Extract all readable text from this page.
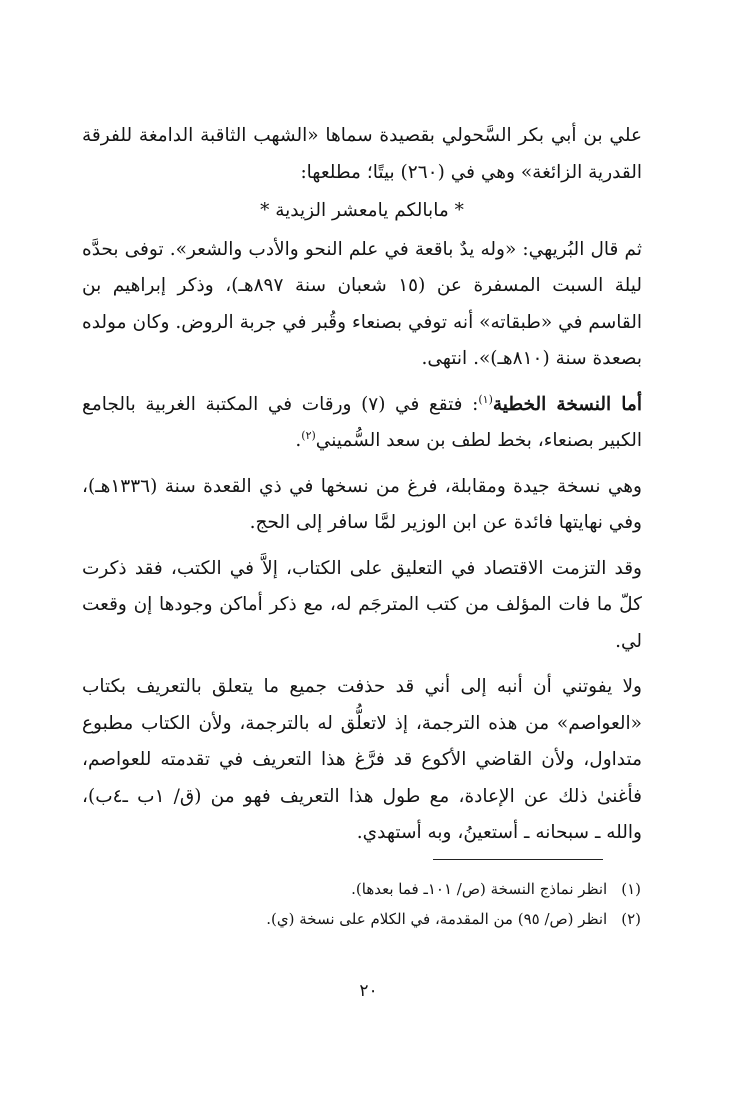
علي بن أبي بكر السَّحولي بقصيدة سماها «الشهب الثاقبة الدامغة للفرقة القدرية الزائغة» وهي في (٢٦٠) بيتًا؛ مطلعها:

* مابالكم يامعشر الزيدية *

ثم قال البُريهي: «وله يدٌ باقعة في علم النحو والأدب والشعر». توفى بحدَّه ليلة السبت المسفرة عن (١٥ شعبان سنة ٨٩٧هـ)، وذكر إبراهيم بن القاسم في «طبقاته» أنه توفي بصنعاء وقُبر في جربة الروض. وكان مولده بصعدة سنة (٨١٠هـ)». انتهى.

أما النسخة الخطية$^{(١)}$: فتقع في (٧) ورقات في المكتبة الغربية بالجامع الكبير بصنعاء، بخط لطف بن سعد السُّميني$^{(٢)}$.

وهي نسخة جيدة ومقابلة، فرغ من نسخها في ذي القعدة سنة (١٣٣٦هـ)، وفي نهايتها فائدة عن ابن الوزير لمَّا سافر إلى الحج.

وقد التزمت الاقتصاد في التعليق على الكتاب، إلاَّ في الكتب، فقد ذكرت كلّ ما فات المؤلف من كتب المترجَم له، مع ذكر أماكن وجودها إن وقعت لي.

ولا يفوتني أن أنبه إلى أني قد حذفت جميع ما يتعلق بالتعريف بكتاب «العواصم» من هذه الترجمة، إذ لاتعلُّق له بالترجمة، ولأن الكتاب مطبوع متداول، ولأن القاضي الأكوع قد فرَّغ هذا التعريف في تقدمته للعواصم، فأغنىٰ ذلك عن الإعادة، مع طول هذا التعريف فهو من (ق/ ١ب ـ٤ب)، والله ـ سبحانه ـ أستعينُ، وبه أستهدي.

(١)انظر نماذج النسخة (ص/ ١٠١ـ فما بعدها).
(٢)انظر (ص/ ٩٥) من المقدمة، في الكلام على نسخة (ي).
٢٠
